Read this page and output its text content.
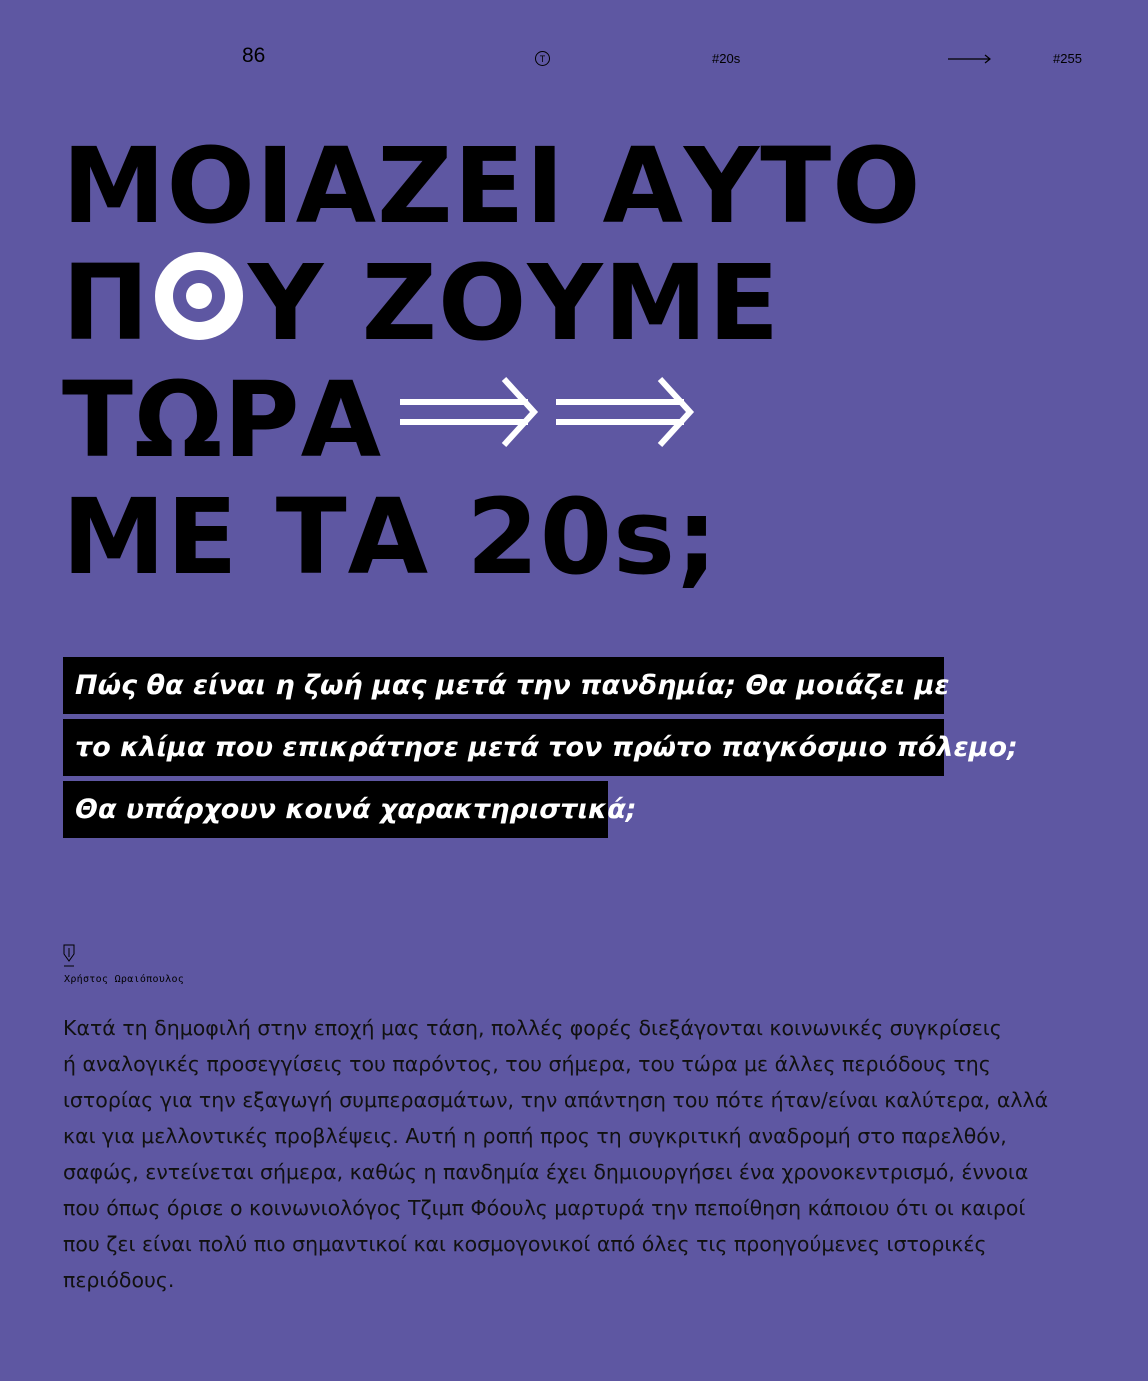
86	T	#20s	#255
ΜΟΙΑΖΕΙ ΑΥΤΟ
Π Υ ΖΟΥΜΕ
ΤΩΡΑ
ΜΕ ΤΑ 20s;
Πώς θα είναι η ζωή μας μετά την πανδημία; Θα μοιάζει με
το κλίμα που επικράτησε μετά τον πρώτο παγκόσμιο πόλεμο;
Θα υπάρχουν κοινά χαρακτηριστικά;
Χρήστος Ωραιόπουλος
Κατά τη δημοφιλή στην εποχή μας τάση, πολλές φορές διεξάγονται κοινωνικές συγκρίσεις
ή αναλογικές προσεγγίσεις του παρόντος, του σήμερα, του τώρα με άλλες περιόδους της
ιστορίας για την εξαγωγή συμπερασμάτων, την απάντηση του πότε ήταν/είναι καλύτερα, αλλά
και για μελλοντικές προβλέψεις. Αυτή η ροπή προς τη συγκριτική αναδρομή στο παρελθόν,
σαφώς, εντείνεται σήμερα, καθώς η πανδημία έχει δημιουργήσει ένα χρονοκεντρισμό, έννοια
που όπως όρισε ο κοινωνιολόγος Τζιμπ Φόουλς μαρτυρά την πεποίθηση κάποιου ότι οι καιροί
που ζει είναι πολύ πιο σημαντικοί και κοσμογονικοί από όλες τις προηγούμενες ιστορικές
περιόδους.
